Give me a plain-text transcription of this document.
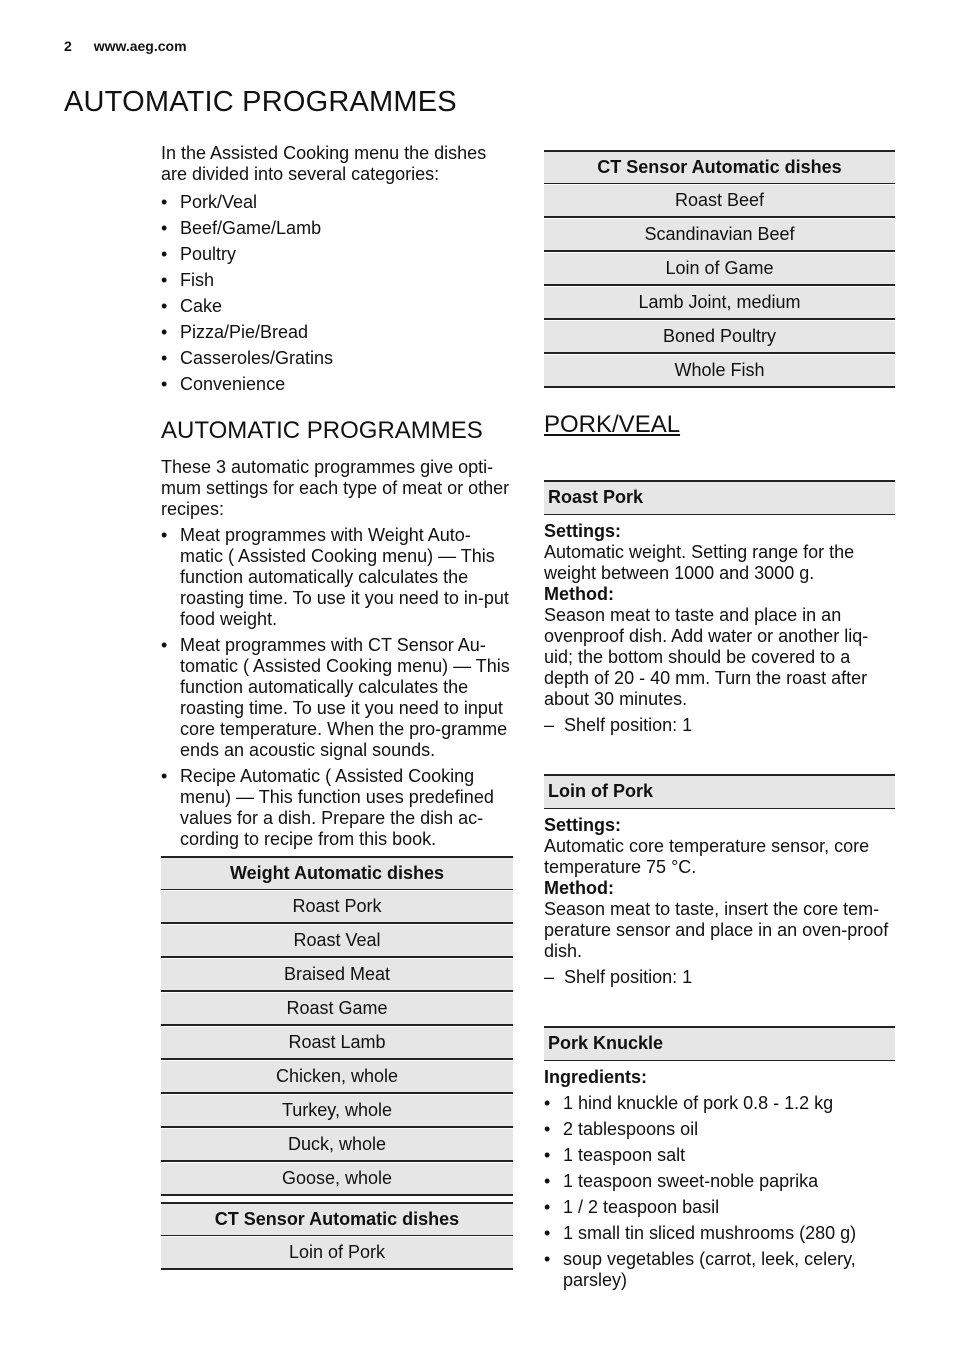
2 www.aeg.com
AUTOMATIC PROGRAMMES

In the Assisted Cooking menu the dishes are divided into several categories:

• Pork/Veal
• Beef/Game/Lamb
• Poultry
• Fish
• Cake
• Pizza/Pie/Bread
• Casseroles/Gratins
• Convenience
AUTOMATIC PROGRAMMES

These 3 automatic programmes give opti-mum settings for each type of meat or other recipes:

• Meat programmes with Weight Auto-matic ( Assisted Cooking menu) — This function automatically calculates the roasting time. To use it you need to in-put food weight.
• Meat programmes with CT Sensor Au-tomatic ( Assisted Cooking menu) — This function automatically calculates the roasting time. To use it you need to input core temperature. When the pro-gramme ends an acoustic signal sounds.
• Recipe Automatic ( Assisted Cooking menu) — This function uses predefined values for a dish. Prepare the dish ac-cording to recipe from this book.
Weight Automatic dishes
Roast Pork
Roast Veal
Braised Meat
Roast Game
Roast Lamb
Chicken, whole
Turkey, whole
Duck, whole
Goose, whole
CT Sensor Automatic dishes
Loin of Pork
CT Sensor Automatic dishes
Roast Beef
Scandinavian Beef
Loin of Game
Lamb Joint, medium
Boned Poultry
Whole Fish
PORK/VEAL
Roast Pork

Settings:

Automatic weight. Setting range for the weight between 1000 and 3000 g.

Method:

Season meat to taste and place in an ovenproof dish. Add water or another liq-uid; the bottom should be covered to a depth of 20 - 40 mm. Turn the roast after about 30 minutes.

– Shelf position: 1

Loin of Pork

Settings:

Automatic core temperature sensor, core temperature 75 °C.

Method:

Season meat to taste, insert the core tem-perature sensor and place in an oven-proof dish.

– Shelf position: 1

Pork Knuckle

Ingredients:

• 1 hind knuckle of pork 0.8 - 1.2 kg
• 2 tablespoons oil
• 1 teaspoon salt
• 1 teaspoon sweet-noble paprika
• 1 / 2 teaspoon basil
• 1 small tin sliced mushrooms (280 g)
• soup vegetables (carrot, leek, celery, parsley)
